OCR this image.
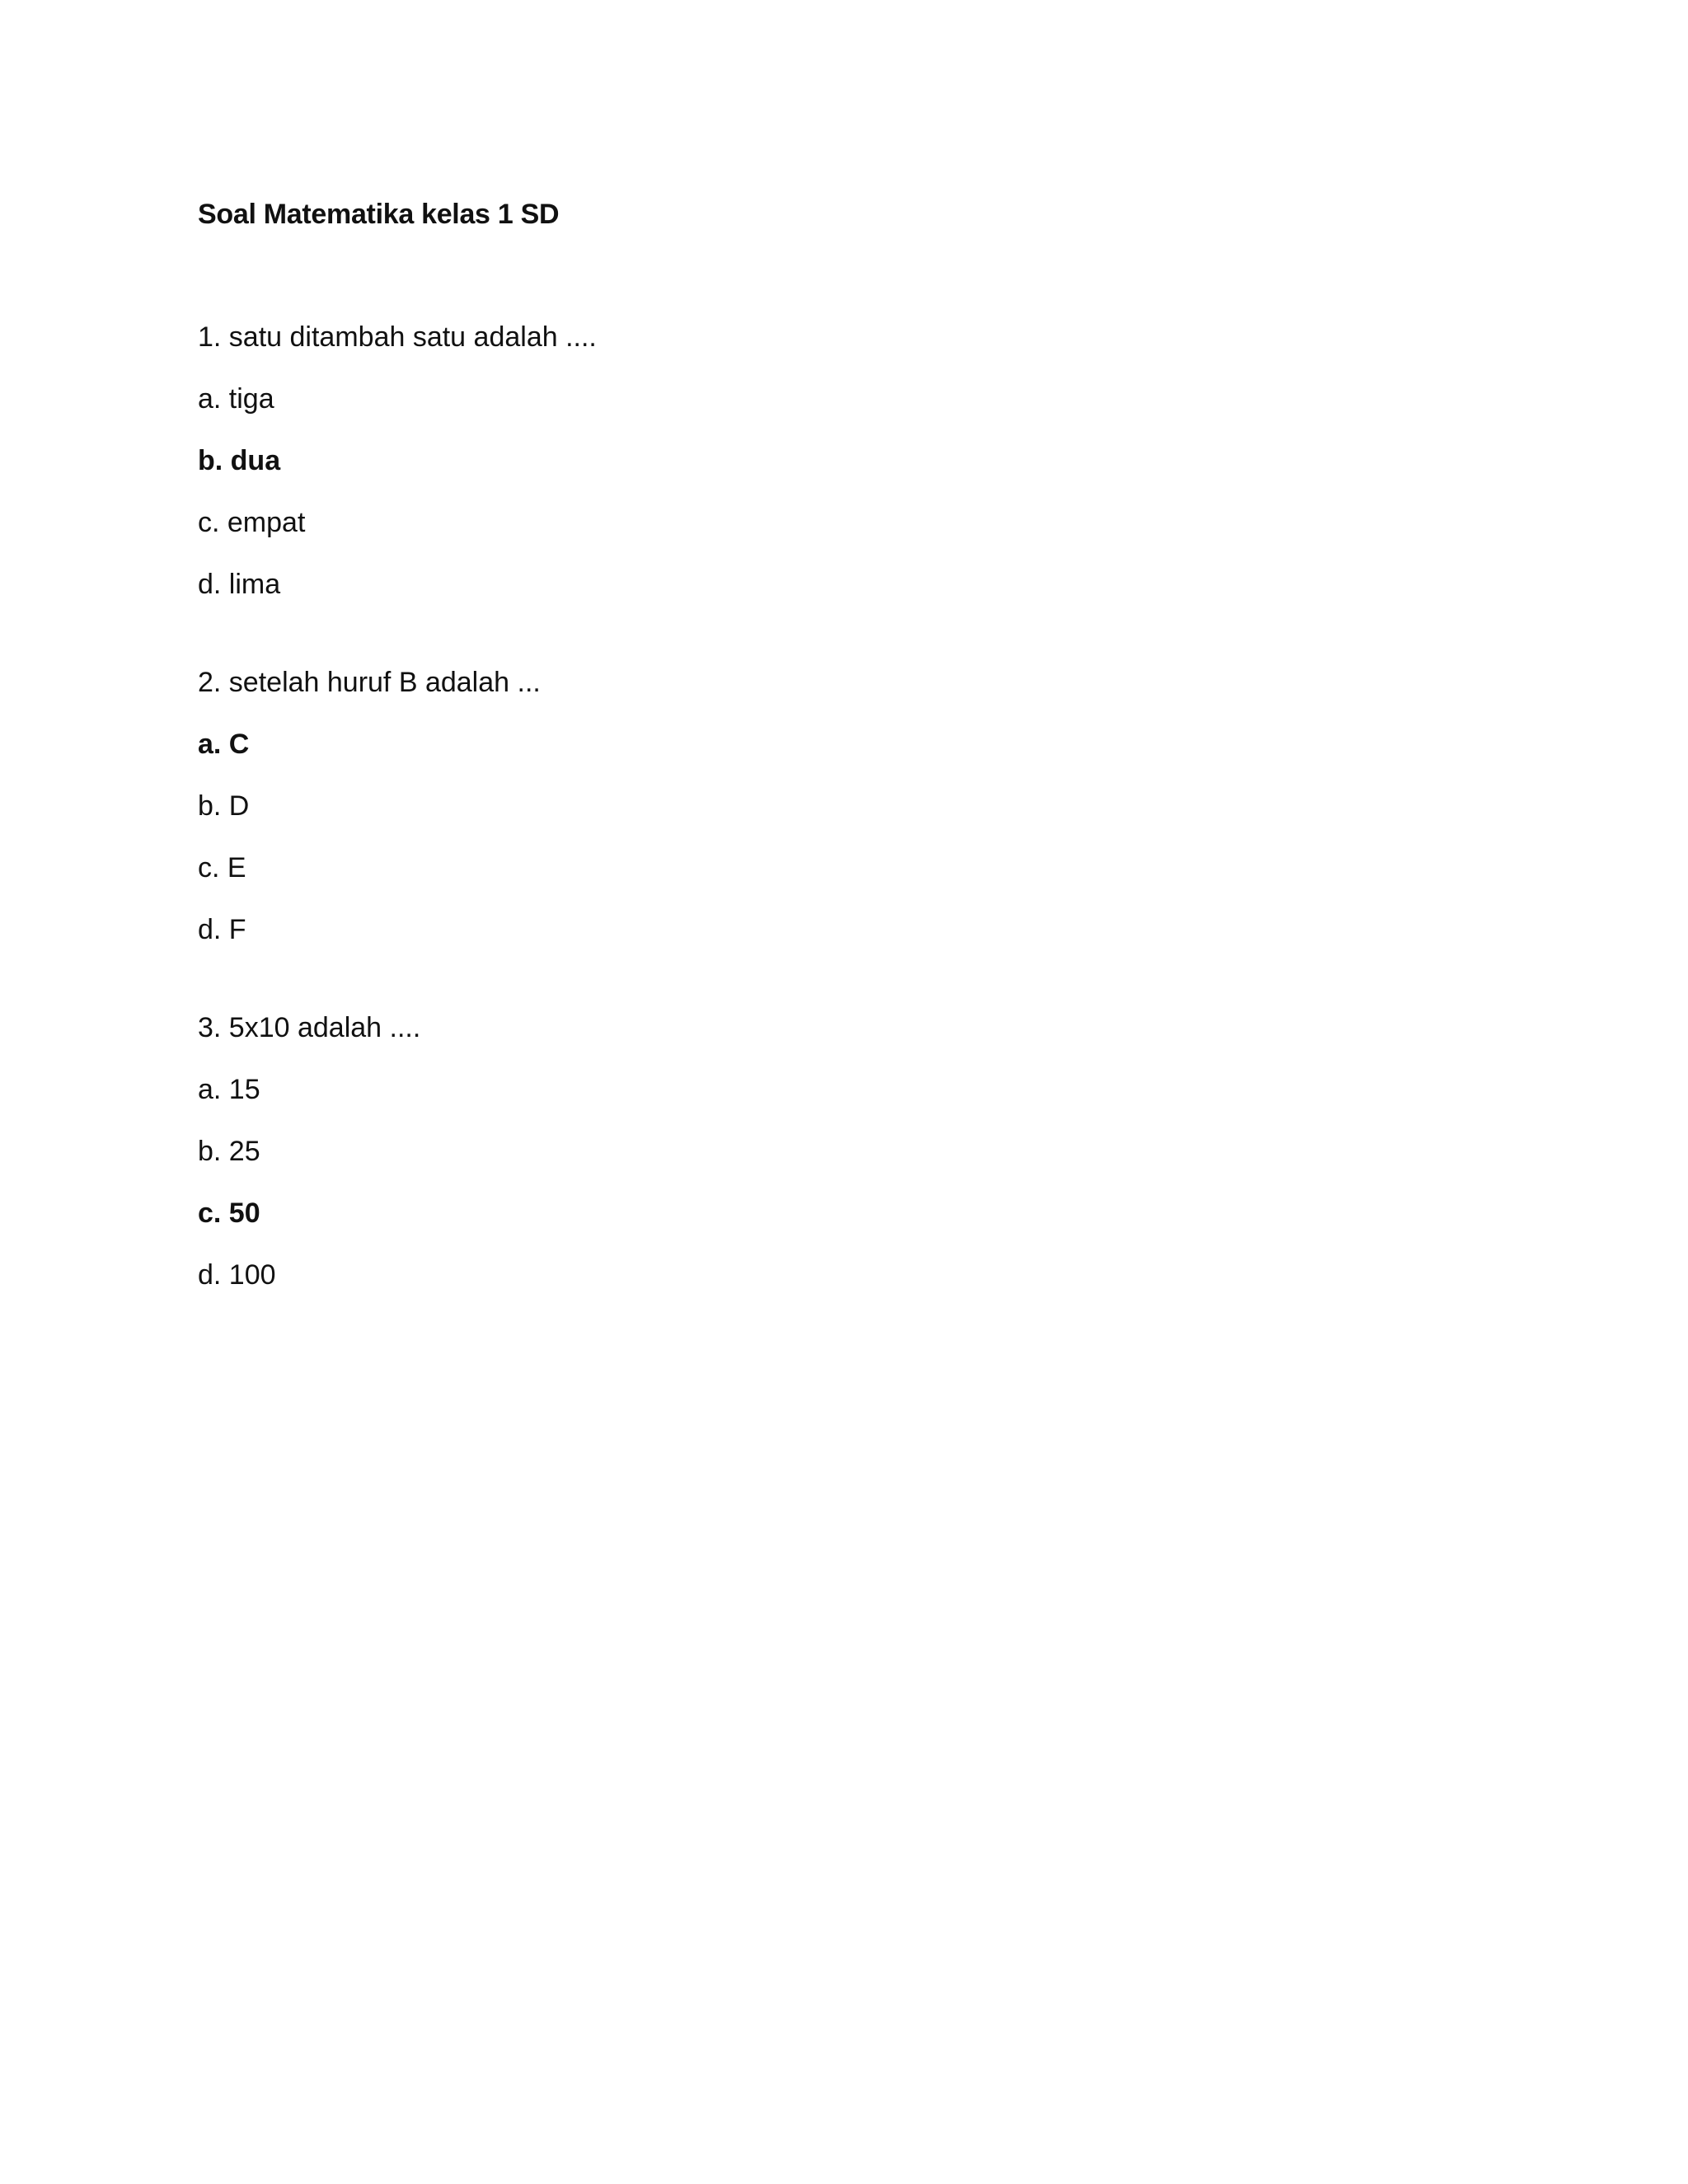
Soal Matematika kelas 1 SD
1. satu ditambah satu adalah ....
a. tiga
b. dua
c. empat
d. lima
2. setelah huruf B adalah ...
a. C
b. D
c. E
d. F
3. 5x10 adalah ....
a. 15
b. 25
c. 50
d. 100
